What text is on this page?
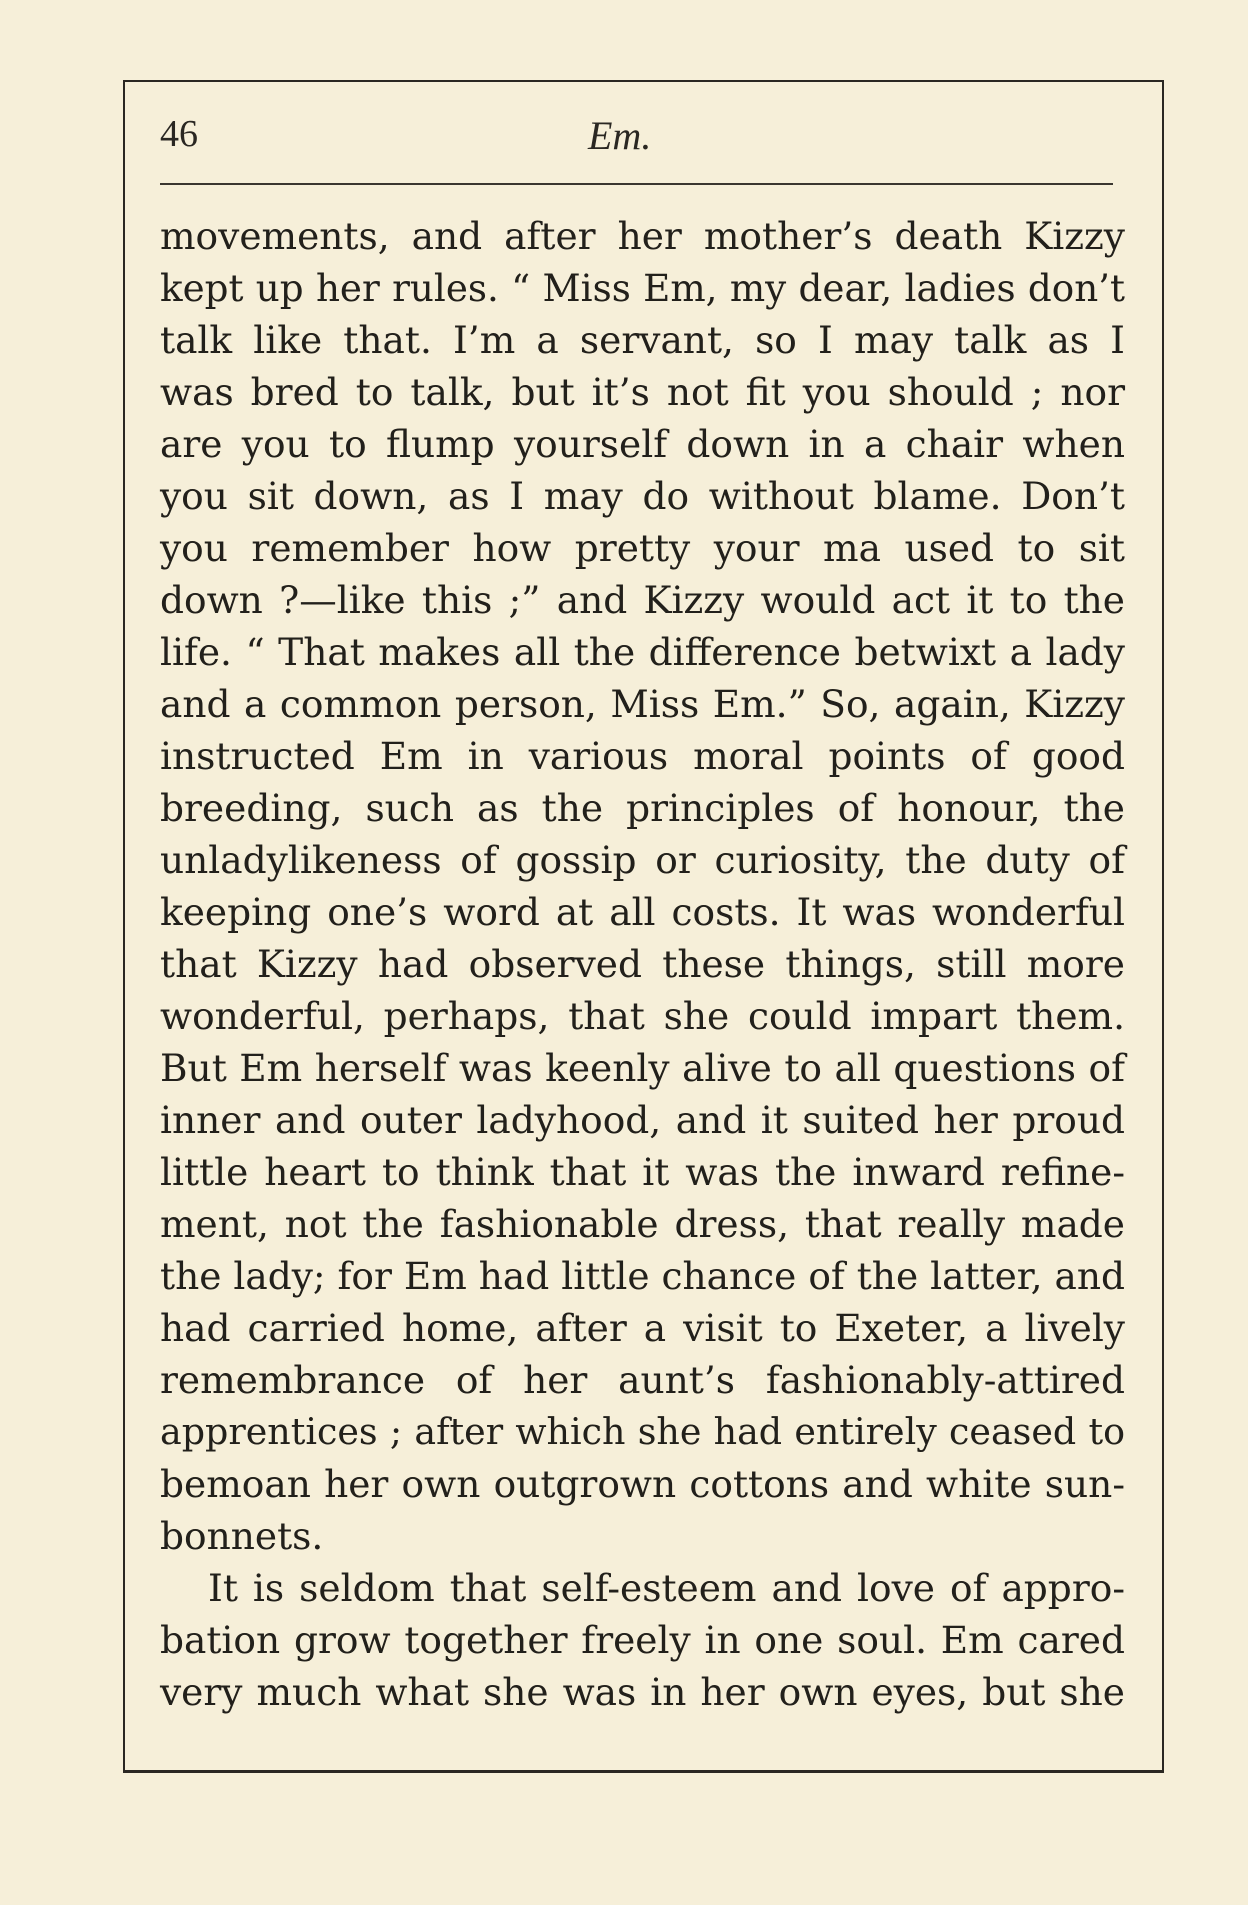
46	Em.
movements, and after her mother’s death Kizzy
kept up her rules. “ Miss Em, my dear, ladies don’t
talk like that. I’m a servant, so I may talk as I
was bred to talk, but it’s not fit you should ; nor
are you to flump yourself down in a chair when
you sit down, as I may do without blame. Don’t
you remember how pretty your ma used to sit
down ?—like this ;” and Kizzy would act it to the
life. “ That makes all the difference betwixt a lady
and a common person, Miss Em.” So, again, Kizzy
instructed Em in various moral points of good
breeding, such as the principles of honour, the
unladylikeness of gossip or curiosity, the duty of
keeping one’s word at all costs. It was wonderful
that Kizzy had observed these things, still more
wonderful, perhaps, that she could impart them.
But Em herself was keenly alive to all questions of
inner and outer ladyhood, and it suited her proud
little heart to think that it was the inward refine-
ment, not the fashionable dress, that really made
the lady; for Em had little chance of the latter, and
had carried home, after a visit to Exeter, a lively
remembrance of her aunt’s fashionably-attired
apprentices ; after which she had entirely ceased to
bemoan her own outgrown cottons and white sun-
bonnets.
It is seldom that self-esteem and love of appro-
bation grow together freely in one soul. Em cared
very much what she was in her own eyes, but she
